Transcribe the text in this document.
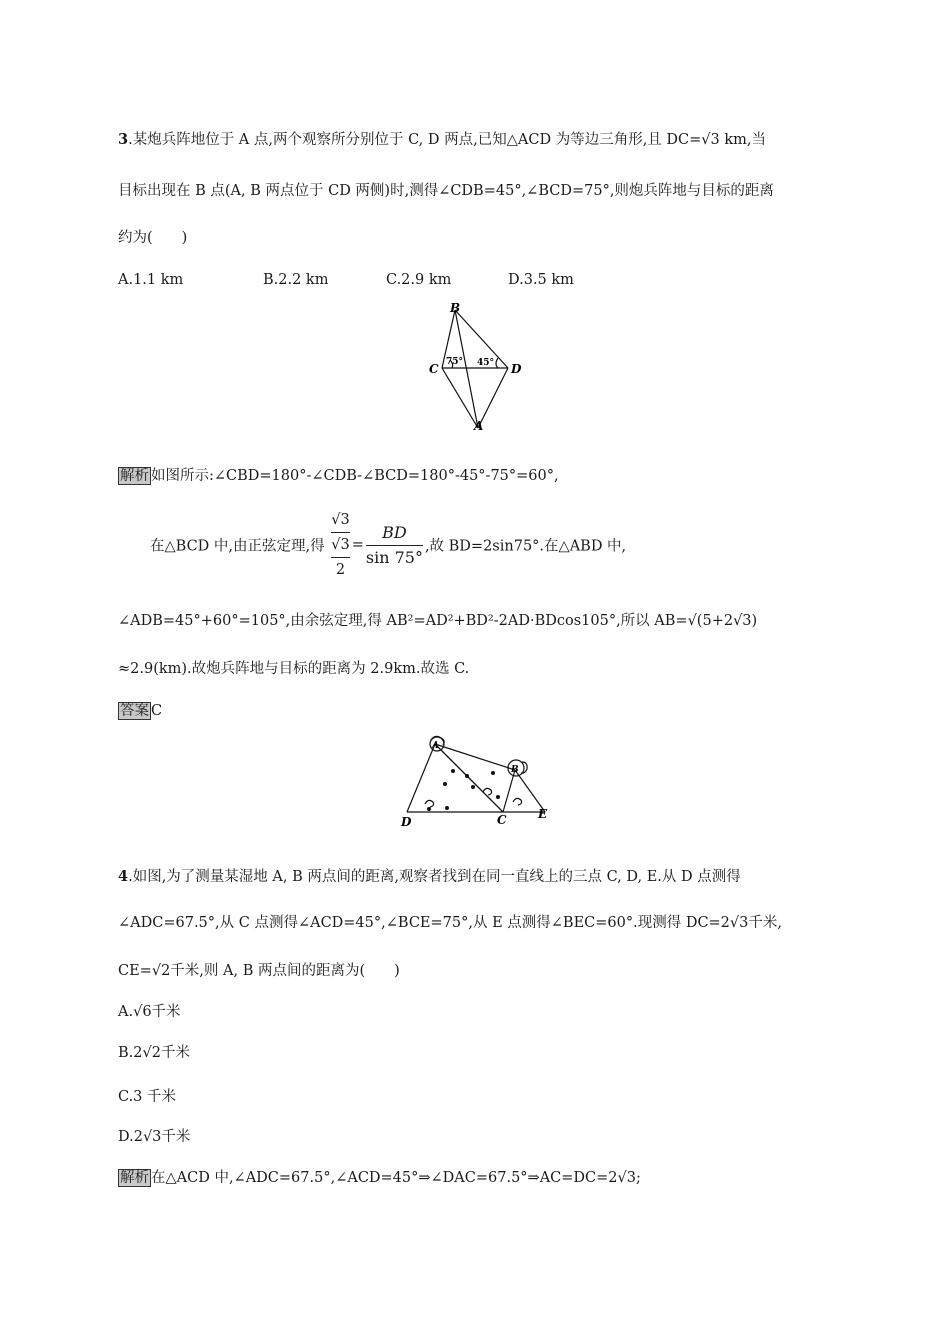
3.某炮兵阵地位于 A 点,两个观察所分别位于 C, D 两点,已知△ACD 为等边三角形,且 DC=√3 km,当
目标出现在 B 点(A, B 两点位于 CD 两侧)时,测得∠CDB=45°,∠BCD=75°,则炮兵阵地与目标的距离
约为(　　)
A.1.1 km	B.2.2 km	C.2.9 km	D.3.5 km
B
C	D
A
75° 45°
解析 如图所示:∠CBD=180°-∠CDB-∠BCD=180°-45°-75°=60°,
在△BCD 中,由正弦定理,得 √3
√3
$2 = \frac{BD}{\sin 75^\circ}$ ,故 BD=2sin75°.在△ABD 中,
∠ADB=45°+60°=105°,由余弦定理,得 AB²=AD²+BD²-2AD·BDcos105°,所以 AB=√(5+2√3)
≈2.9(km).故炮兵阵地与目标的距离为 2.9km.故选 C.
答案 C
D	C	E
A
B
4.如图,为了测量某湿地 A, B 两点间的距离,观察者找到在同一直线上的三点 C, D, E.从 D 点测得
∠ADC=67.5°,从 C 点测得∠ACD=45°,∠BCE=75°,从 E 点测得∠BEC=60°.现测得 DC=2√3千米,
CE=√2千米,则 A, B 两点间的距离为(　　)
A.√6千米
B.2√2千米
C.3 千米
D.2√3千米
解析 在△ACD 中,∠ADC=67.5°,∠ACD=45°⇒∠DAC=67.5°⇒AC=DC=2√3;
